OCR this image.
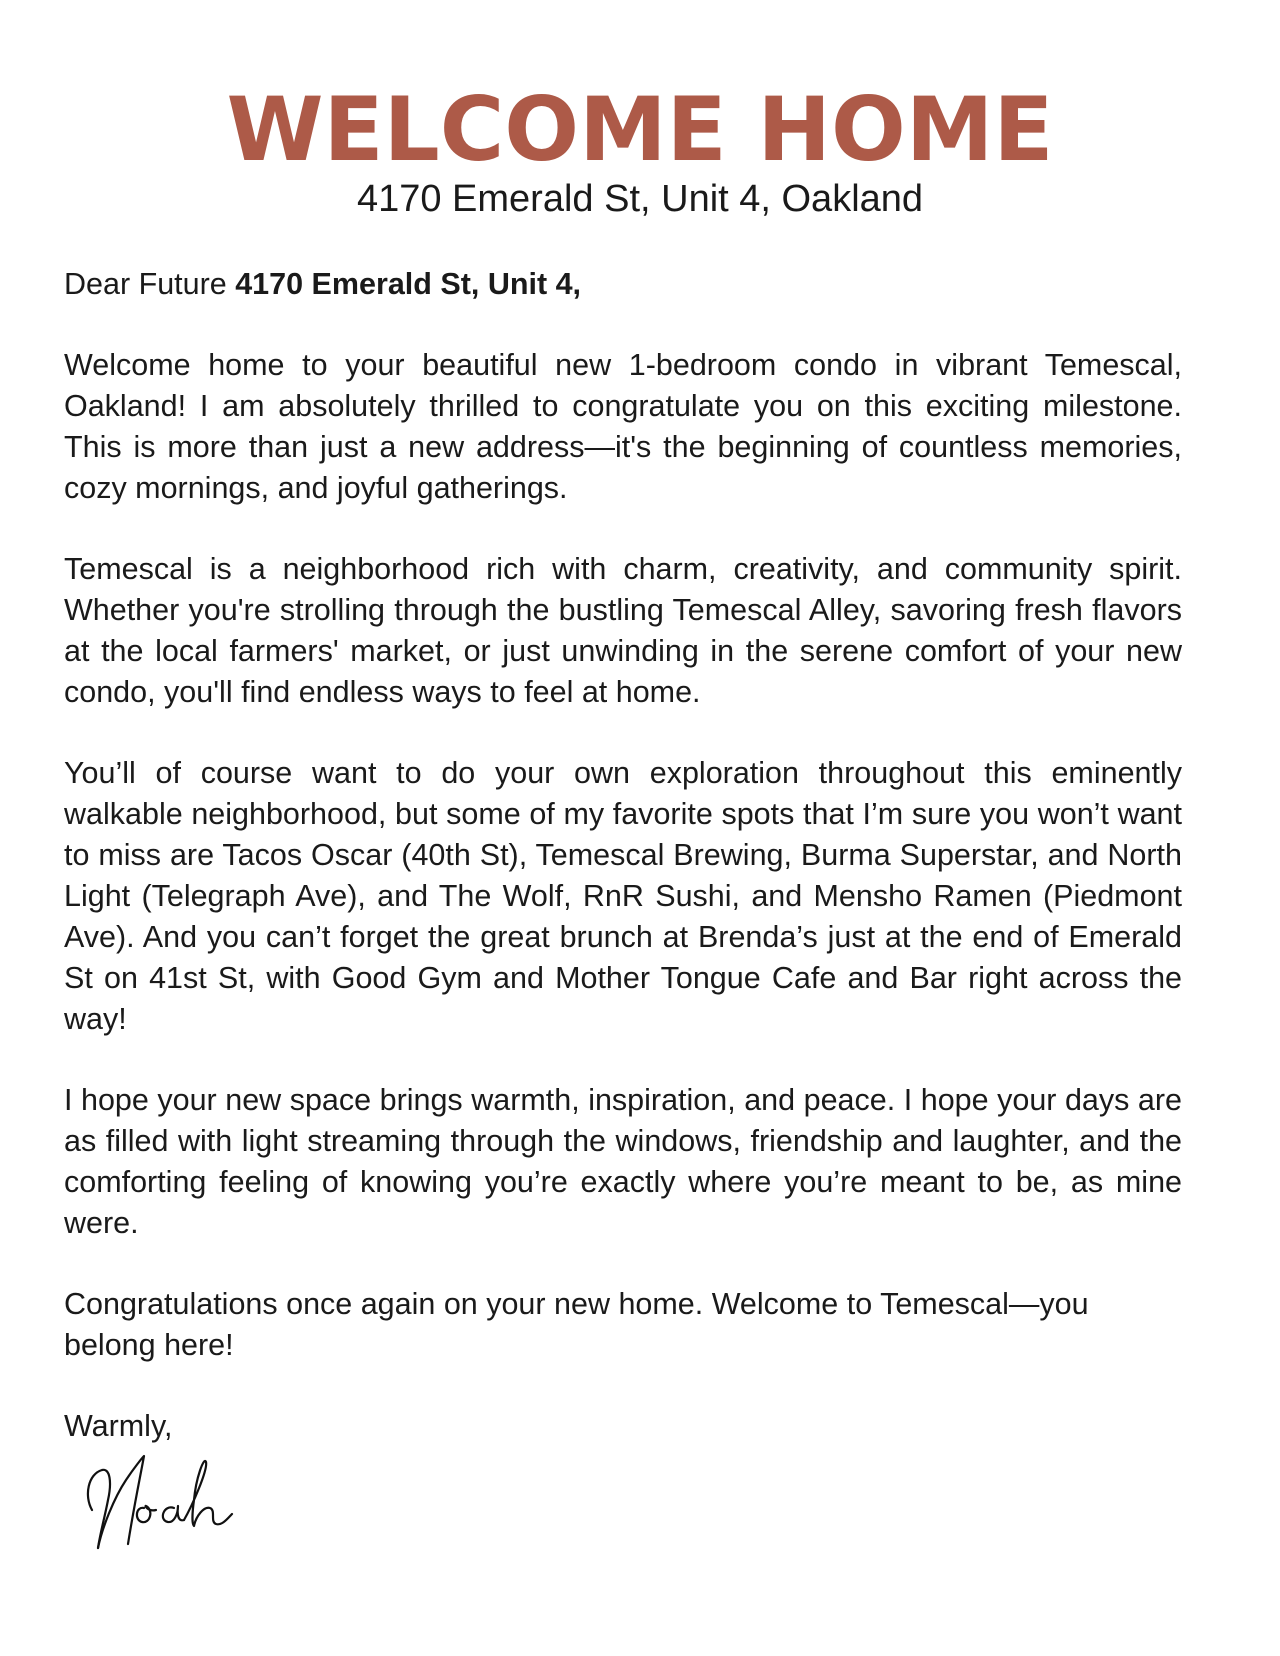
WELCOME HOME
4170 Emerald St, Unit 4, Oakland

Dear Future 4170 Emerald St, Unit 4,

Welcome home to your beautiful new 1-bedroom condo in vibrant Temescal, Oakland! I am absolutely thrilled to congratulate you on this exciting milestone. This is more than just a new address—it's the beginning of countless memories, cozy mornings, and joyful gatherings.

Temescal is a neighborhood rich with charm, creativity, and community spirit. Whether you're strolling through the bustling Temescal Alley, savoring fresh flavors at the local farmers' market, or just unwinding in the serene comfort of your new condo, you'll find endless ways to feel at home.

You’ll of course want to do your own exploration throughout this eminently walkable neighborhood, but some of my favorite spots that I’m sure you won’t want to miss are Tacos Oscar (40th St), Temescal Brewing, Burma Superstar, and North Light (Telegraph Ave), and The Wolf, RnR Sushi, and Mensho Ramen (Piedmont Ave). And you can’t forget the great brunch at Brenda’s just at the end of Emerald St on 41st St, with Good Gym and Mother Tongue Cafe and Bar right across the way!

I hope your new space brings warmth, inspiration, and peace. I hope your days are as filled with light streaming through the windows, friendship and laughter, and the comforting feeling of knowing you’re exactly where you’re meant to be, as mine were.

Congratulations once again on your new home. Welcome to Temescal—you belong here!

Warmly,
